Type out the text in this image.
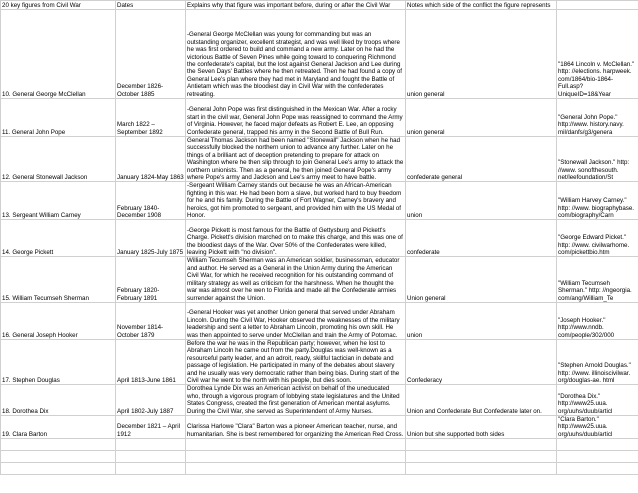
20 key figures from Civil War	Dates	Explains why that figure was important before, during or after the Civil War	Notes which side of the conflict the figure represents	
10. General George McClellan	December 1826-October 1885	-General George McClellan was young for commanding but was an outstanding organizer, excellent strategist, and was well liked by troops where he was first ordered to build and command a new army. Later on he had the victorious Battle of Seven Pines while going toward to conquering Richmond the confederate's capital, but the lost against General Jackson and Lee during the Seven Days' Battles where he then retreated. Then he had found a copy of General Lee's plan where they had met in Maryland and fought the Battle of Antietam which was the bloodiest day in Civil War with the confederates retreating.	union general	"1864 Lincoln v. McClellan." http: //elections. harpweek. com/1864/bio-1864-Full.asp? UniqueID=18&Year
11. General John Pope	March 1822 – September 1892	-General John Pope was first distinguished in the Mexican War. After a rocky start in the civil war, General John Pope was reassigned to command the Army of Virginia. However, he faced major defeats as Robert E. Lee, an opposing Confederate general, trapped his army in the Second Battle of Bull Run.	union general	"General John Pope." http://www. history.navy. mil/danfs/g3/genera
12. General Stonewall Jackson	January 1824-May 1863	General Thomas Jackson had been named "Stonewall" Jackson when he had successfully blocked the northern union to advance any further. Later on he things of a brilliant act of deception pretending to prepare for attack on Washington where he then slip through to join General Lee's army to attack the northern unionists. Then as a general, he then joined General Pope's army where Pope's army and Jackson and Lee's army meet to have battle.	confederate general	"Stonewall Jackson." http: //www. sonofthesouth. net/leefoundation/St
13. Sergeant William Carney	February 1840-December 1908	-Sergeant William Carney stands out because he was an African-American fighting in this war. He had been born a slave, but worked hard to buy freedom for he and his family. During the Battle of Fort Wagner, Carney's bravery and heroics, got him promoted to sergeant, and provided him with the US Medal of Honor.	union	"William Harvey Carney." http: //www. biographybase. com/biography/Carn
14. George Pickett	January 1825-July 1875	-George Pickett is most famous for the Battle of Gettysburg and Pickett's Charge. Pickett's division marched on to make this charge, and this was one of the bloodiest days of the War. Over 50% of the Confederates were killed, leaving Pickett with "no division".	confederate	"George Edward Picket." http: //www. civilwarhome. com/pickettbio.htm
15. William Tecumseh Sherman	February 1820-February 1891	William Tecumseh Sherman was an American soldier, businessman, educator and author. He served as a General in the Union Army during the American Civil War, for which he received recognition for his outstanding command of military strategy as well as criticism for the harshness. When he thought the war was almost over he wen to Florida and made all the Confederate armies surrender against the Union.	Union general	"William Tecumseh Sherman." http: //ngeorgia. com/ang/William_Te
16. General Joseph Hooker	November 1814-October 1879	-General Hooker was yet another Union general that served under Abraham Lincoln. During the Civil War, Hooker observed the weaknesses of the military leadership and sent a letter to Abraham Lincoln, promoting his own skill. He was then appointed to serve under McClellan and train the Army of Potomac.	union	"Joseph Hooker." http://www.nndb. com/people/302/000
17. Stephen Douglas	April 1813-June 1861	Before the war he was in the Republican party; however, when he lost to Abraham Lincoln he came out from the party.Douglas was well-known as a resourceful party leader, and an adroit, ready, skillful tactician in debate and passage of legislation. He participated in many of the debates about slavery and he usually was very democratic rather than being bias. During start of the Civil war he went to the north with his people, but dies soon.	Confederacy	"Stephen Arnold Douglas." http: //www. illinoiscivilwar. org/douglas-ae. html
18. Dorothea Dix	April 1802-July 1887	Dorothea Lynde Dix was an American activist on behalf of the uneducated who, through a vigorous program of lobbying state legislatures and the United States Congress, created the first generation of American mental asylums. During the Civil War, she served as Superintendent of Army Nurses.	Union and Confederate But Confederate later on.	"Dorothea Dix." http://www25.uua. org/uuhs/duub/articl
19. Clara Barton	December 1821 – April 1912	Clarissa Harlowe "Clara" Barton was a pioneer American teacher, nurse, and humanitarian. She is best remembered for organizing the American Red Cross.	Union but she supported both sides	"Clara Barton." http://www25.uua. org/uuhs/duub/articl
